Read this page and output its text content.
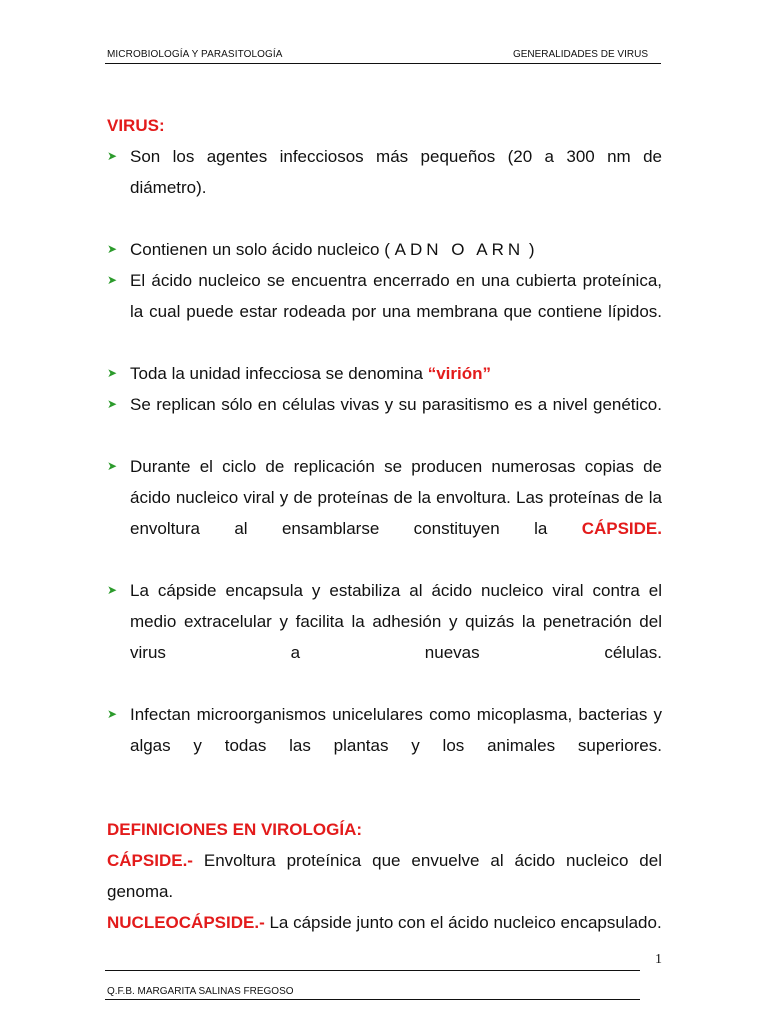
MICROBIOLOGÍA Y PARASITOLOGÍA	GENERALIDADES DE VIRUS
VIRUS:
➤ Son los agentes infecciosos más pequeños (20 a 300 nm de diámetro).
➤ Contienen un solo ácido nucleico ( ADN O ARN )
➤ El ácido nucleico se encuentra encerrado en una cubierta proteínica, la cual puede estar rodeada por una membrana que contiene lípidos.
➤ Toda la unidad infecciosa se denomina “virión”
➤ Se replican sólo en células vivas y su parasitismo es a nivel genético.
➤ Durante el ciclo de replicación se producen numerosas copias de ácido nucleico viral y de proteínas de la envoltura. Las proteínas de la envoltura al ensamblarse constituyen la CÁPSIDE.
➤ La cápside encapsula y estabiliza al ácido nucleico viral contra el medio extracelular y facilita la adhesión y quizás la penetración del virus a nuevas células.
➤ Infectan microorganismos unicelulares como micoplasma, bacterias y algas y todas las plantas y los animales superiores.
DEFINICIONES EN VIROLOGÍA:
CÁPSIDE.- Envoltura proteínica que envuelve al ácido nucleico del genoma.
NUCLEOCÁPSIDE.- La cápside junto con el ácido nucleico encapsulado.
1
Q.F.B. MARGARITA SALINAS FREGOSO
